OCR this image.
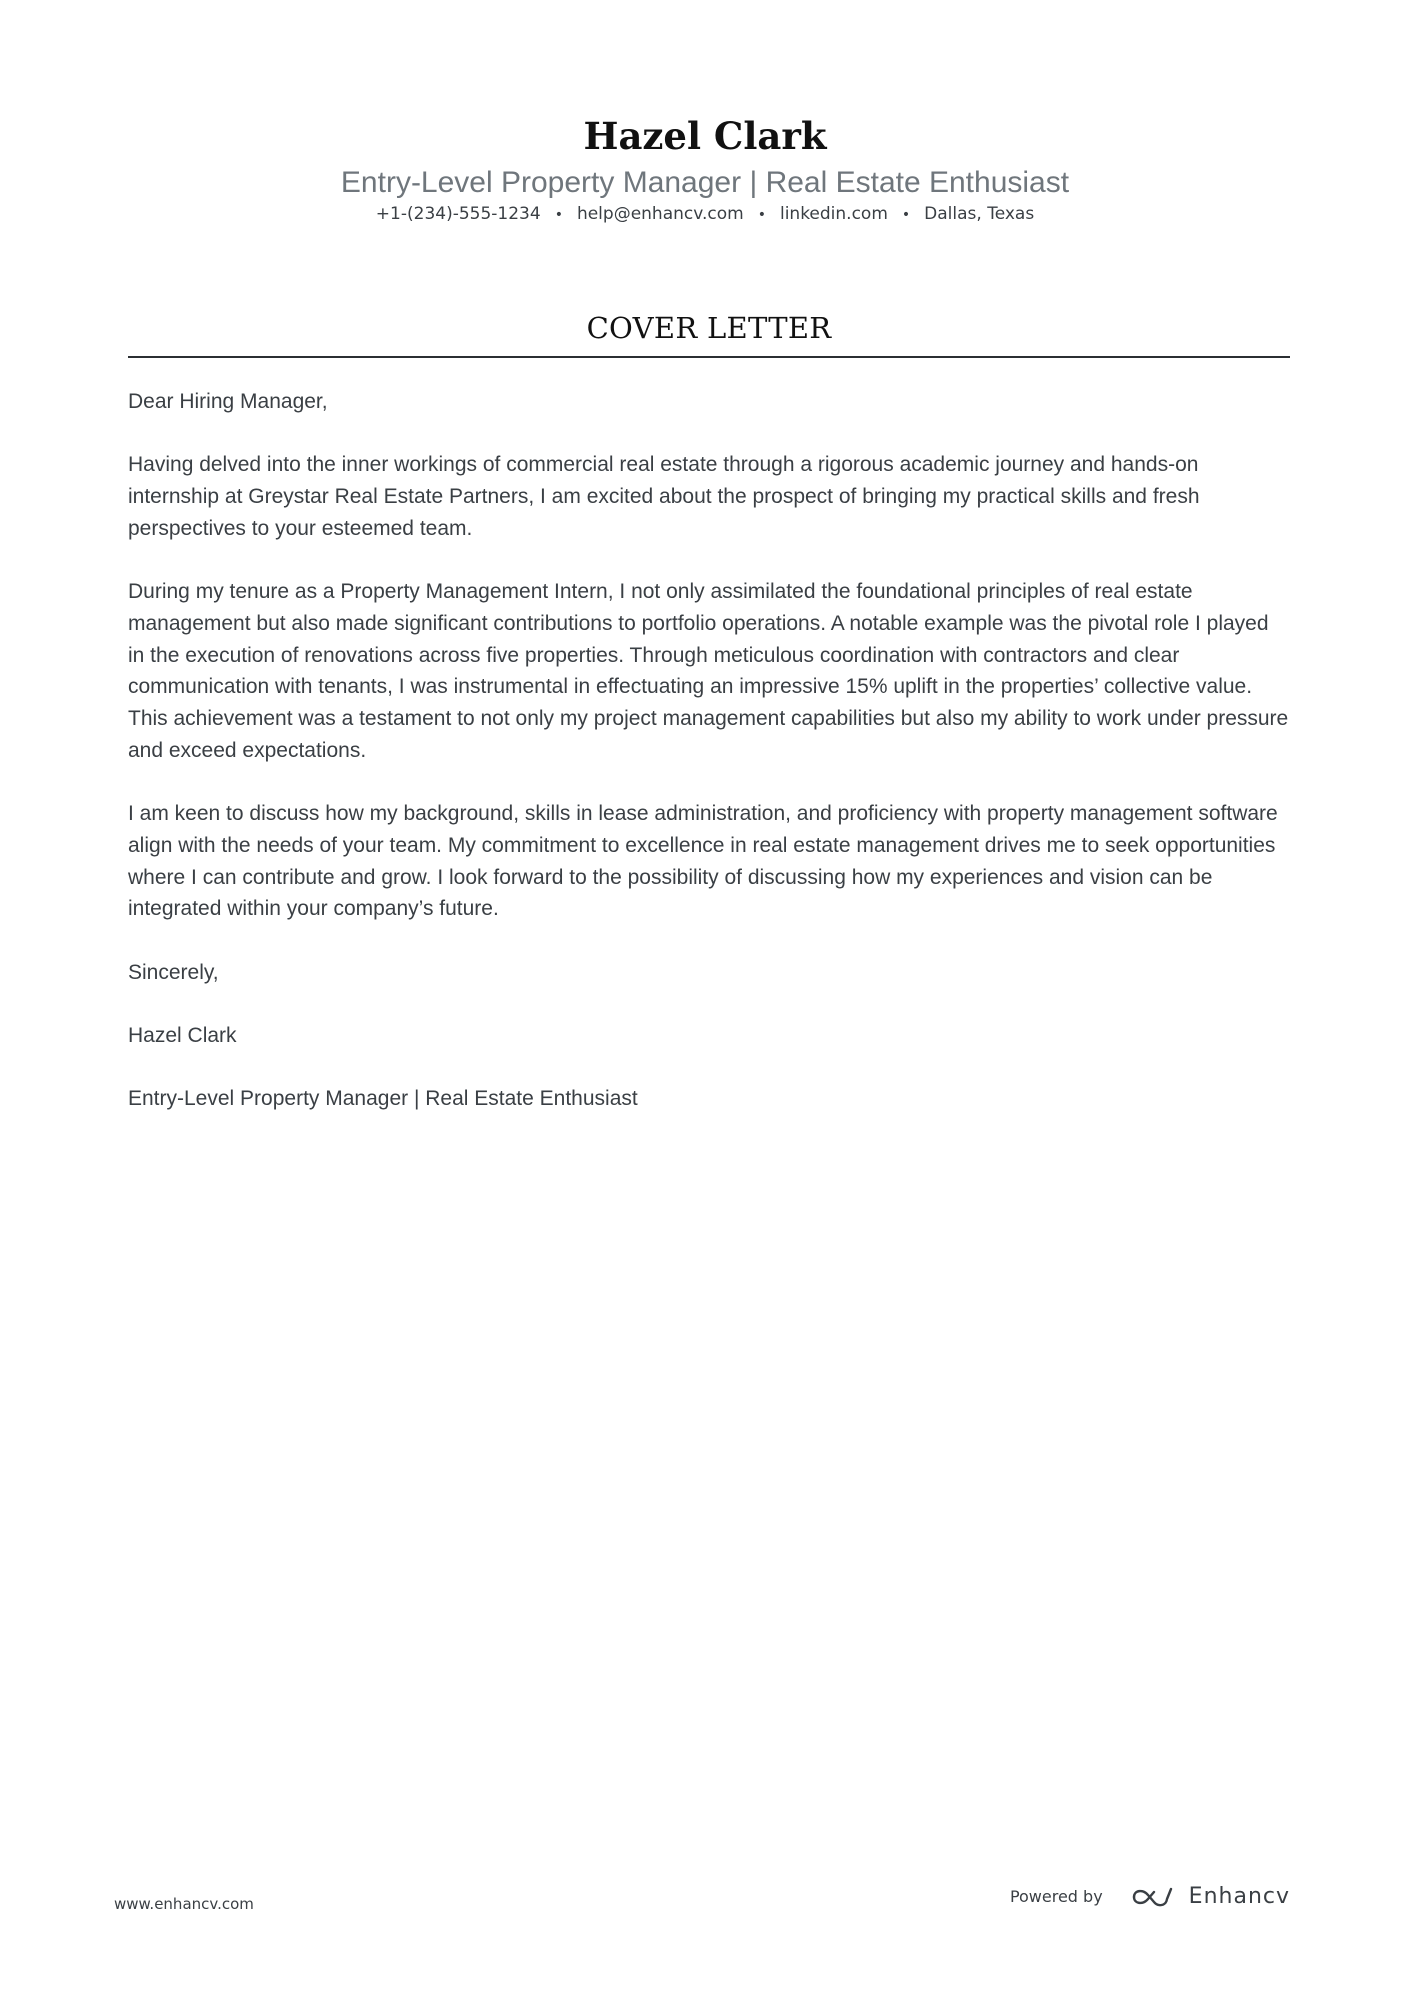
Hazel Clark
Entry-Level Property Manager | Real Estate Enthusiast
+1-(234)-555-1234 • help@enhancv.com • linkedin.com • Dallas, Texas
COVER LETTER

Dear Hiring Manager,

Having delved into the inner workings of commercial real estate through a rigorous academic journey and hands-on internship at Greystar Real Estate Partners, I am excited about the prospect of bringing my practical skills and fresh perspectives to your esteemed team.

During my tenure as a Property Management Intern, I not only assimilated the foundational principles of real estate management but also made significant contributions to portfolio operations. A notable example was the pivotal role I played in the execution of renovations across five properties. Through meticulous coordination with contractors and clear communication with tenants, I was instrumental in effectuating an impressive 15% uplift in the properties’ collective value. This achievement was a testament to not only my project management capabilities but also my ability to work under pressure and exceed expectations.

I am keen to discuss how my background, skills in lease administration, and proficiency with property management software align with the needs of your team. My commitment to excellence in real estate management drives me to seek opportunities where I can contribute and grow. I look forward to the possibility of discussing how my experiences and vision can be integrated within your company’s future.

Sincerely,

Hazel Clark

Entry-Level Property Manager | Real Estate Enthusiast

www.enhancv.com	Powered by	Enhancv
